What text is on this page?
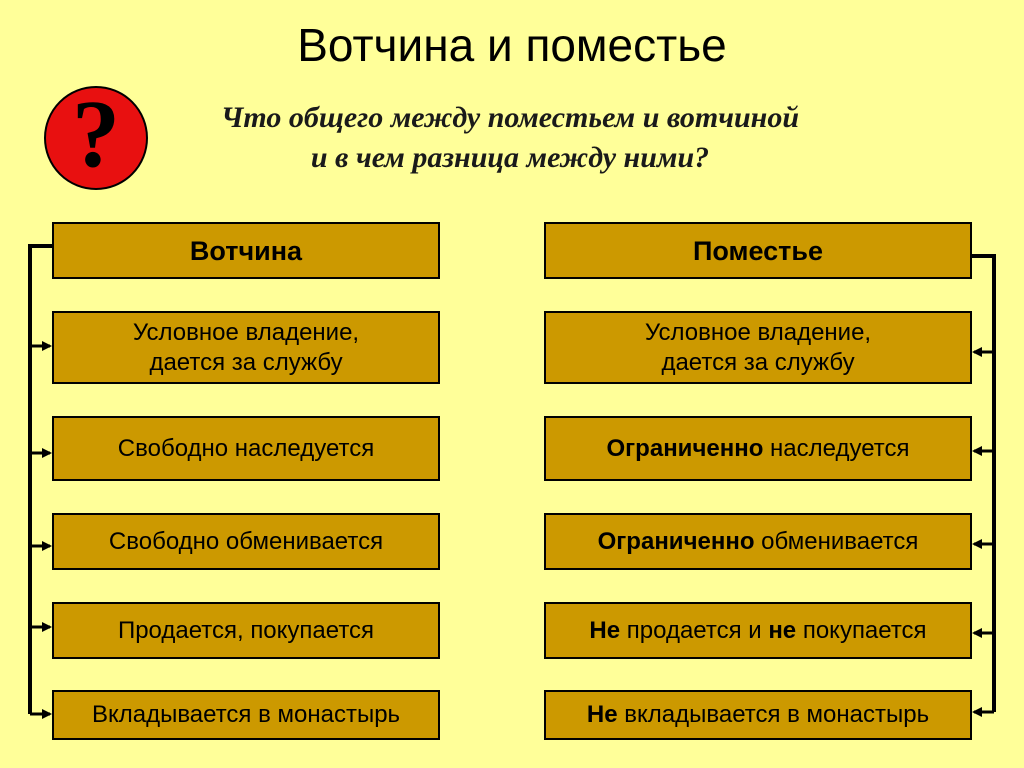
Вотчина и поместье
?	Что общего между поместьем и вотчиной
и в чем разница между ними?
Вотчина
Условное владение,
дается за службу
Свободно наследуется
Свободно обменивается
Продается, покупается
Вкладывается в монастырь
Поместье
Условное владение,
дается за службу
Ограниченно наследуется
Ограниченно обменивается
Не продается и не покупается
Не вкладывается в монастырь
